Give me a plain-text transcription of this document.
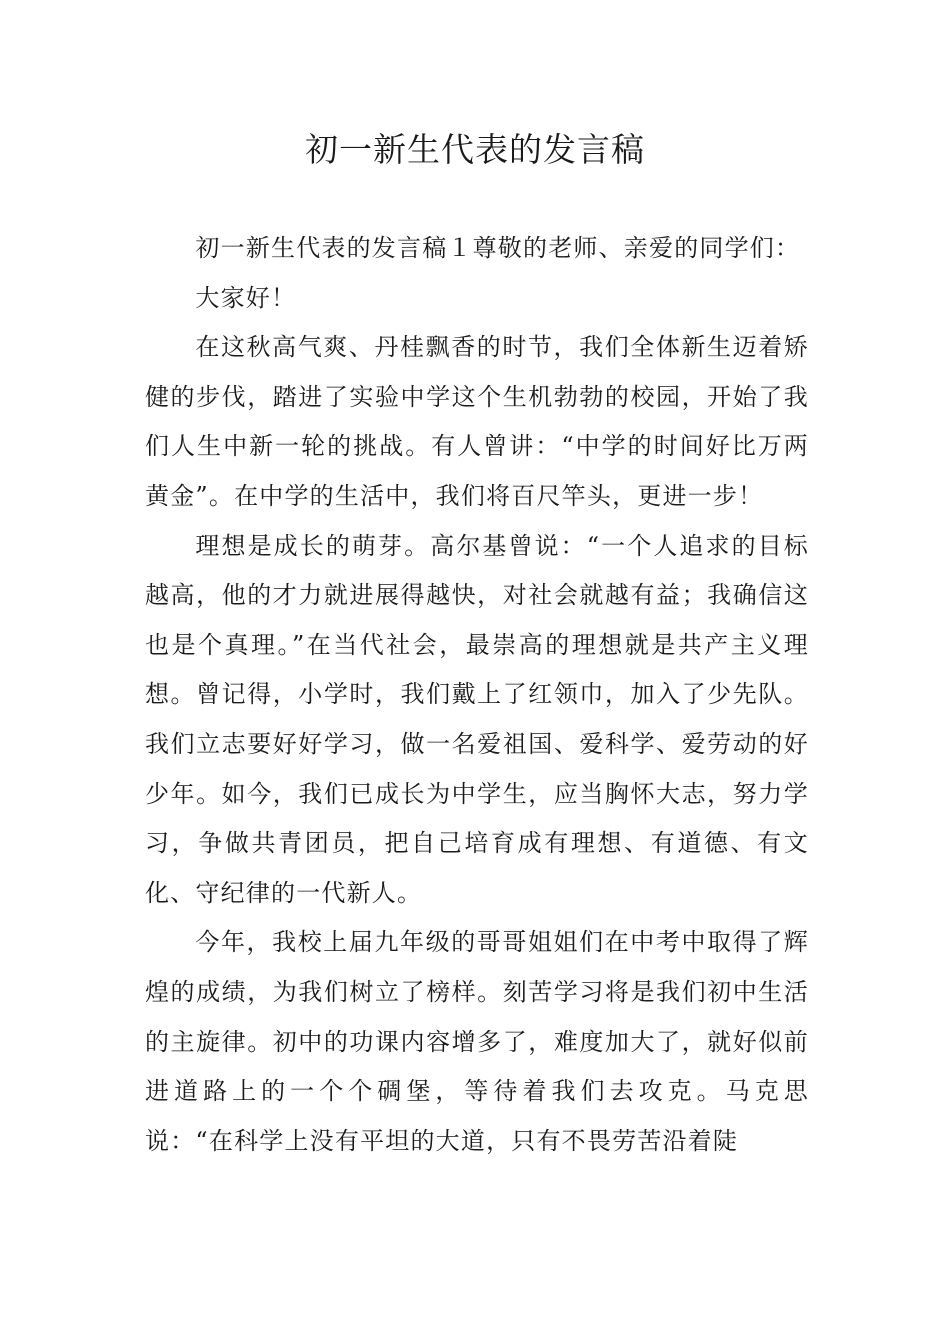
初一新生代表的发言稿

初一新生代表的发言稿１尊敬的老师、亲爱的同学们：

大家好！

在这秋高气爽、丹桂飘香的时节，我们全体新生迈着矫健的步伐，踏进了实验中学这个生机勃勃的校园，开始了我们人生中新一轮的挑战。有人曾讲：“中学的时间好比万两黄金”。在中学的生活中，我们将百尺竿头，更进一步！

理想是成长的萌芽。高尔基曾说：“一个人追求的目标越高，他的才力就进展得越快，对社会就越有益；我确信这也是个真理。”在当代社会，最崇高的理想就是共产主义理想。曾记得，小学时，我们戴上了红领巾，加入了少先队。我们立志要好好学习，做一名爱祖国、爱科学、爱劳动的好少年。如今，我们已成长为中学生，应当胸怀大志，努力学习，争做共青团员，把自己培育成有理想、有道德、有文化、守纪律的一代新人。

今年，我校上届九年级的哥哥姐姐们在中考中取得了辉煌的成绩，为我们树立了榜样。刻苦学习将是我们初中生活的主旋律。初中的功课内容增多了，难度加大了，就好似前进道路上的一个个碉堡，等待着我们去攻克。马克思说：“在科学上没有平坦的大道，只有不畏劳苦沿着陡
